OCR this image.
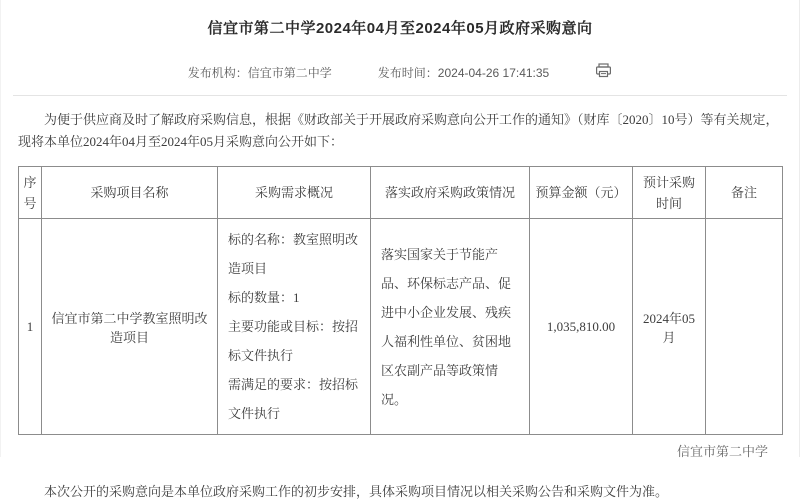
信宜市第二中学2024年04月至2024年05月政府采购意向
发布机构：信宜市第二中学	发布时间：2024-04-26 17:41:35

为便于供应商及时了解政府采购信息，根据《财政部关于开展政府采购意向公开工作的通知》（财库〔2020〕10号）等有关规定，现将本单位2024年04月至2024年05月采购意向公开如下：

序号	采购项目名称	采购需求概况	落实政府采购政策情况	预算金额（元）	预计采购时间	备注
1	信宜市第二中学教室照明改造项目	标的名称：教室照明改造项目
标的数量：1
主要功能或目标：按招标文件执行
需满足的要求：按招标文件执行	落实国家关于节能产品、环保标志产品、促进中小企业发展、残疾人福利性单位、贫困地区农副产品等政策情况。	1,035,810.00	2024年05月	

本次公开的采购意向是本单位政府采购工作的初步安排，具体采购项目情况以相关采购公告和采购文件为准。

信宜市第二中学
